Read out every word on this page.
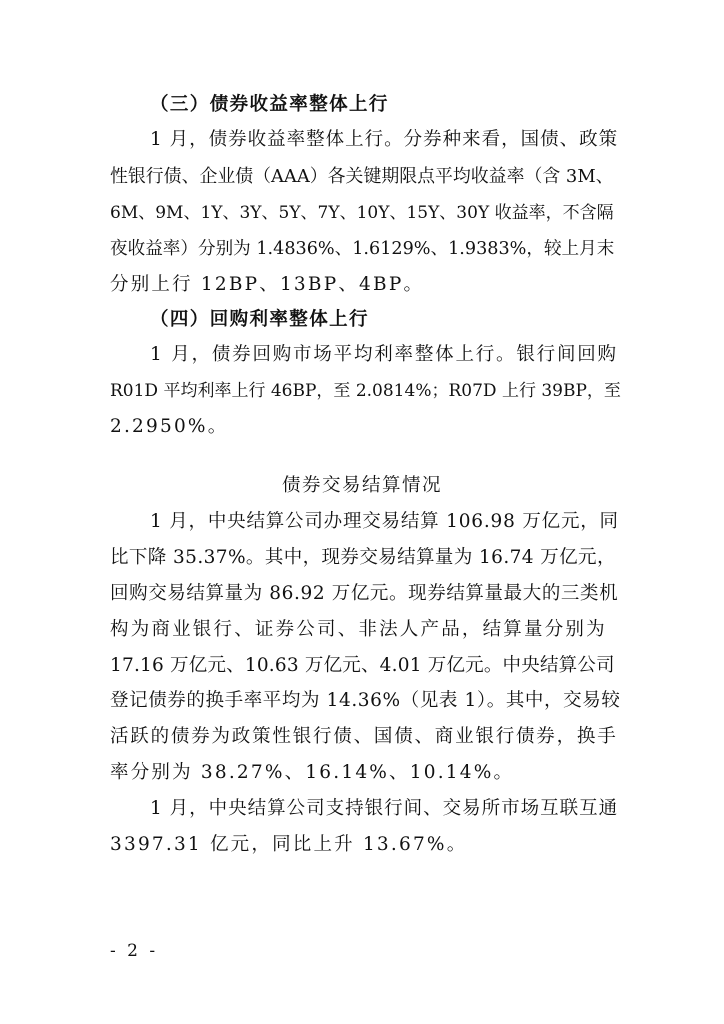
（三）债券收益率整体上行
1 月，债券收益率整体上行。分券种来看，国债、政策
性银行债、企业债（AAA）各关键期限点平均收益率（含 3M、
6M、9M、1Y、3Y、5Y、7Y、10Y、15Y、30Y 收益率，不含隔
夜收益率）分别为 1.4836%、1.6129%、1.9383%，较上月末
分别上行 12BP、13BP、4BP。
（四）回购利率整体上行
1 月，债券回购市场平均利率整体上行。银行间回购
R01D 平均利率上行 46BP，至 2.0814%；R07D 上行 39BP，至
2.2950%。
债券交易结算情况
1 月，中央结算公司办理交易结算 106.98 万亿元，同
比下降 35.37%。其中，现券交易结算量为 16.74 万亿元，
回购交易结算量为 86.92 万亿元。现券结算量最大的三类机
构为商业银行、证券公司、非法人产品，结算量分别为
17.16 万亿元、10.63 万亿元、4.01 万亿元。中央结算公司
登记债券的换手率平均为 14.36%（见表 1）。其中，交易较
活跃的债券为政策性银行债、国债、商业银行债券，换手
率分别为 38.27%、16.14%、10.14%。
1 月，中央结算公司支持银行间、交易所市场互联互通
3397.31 亿元，同比上升 13.67%。
- 2 -
